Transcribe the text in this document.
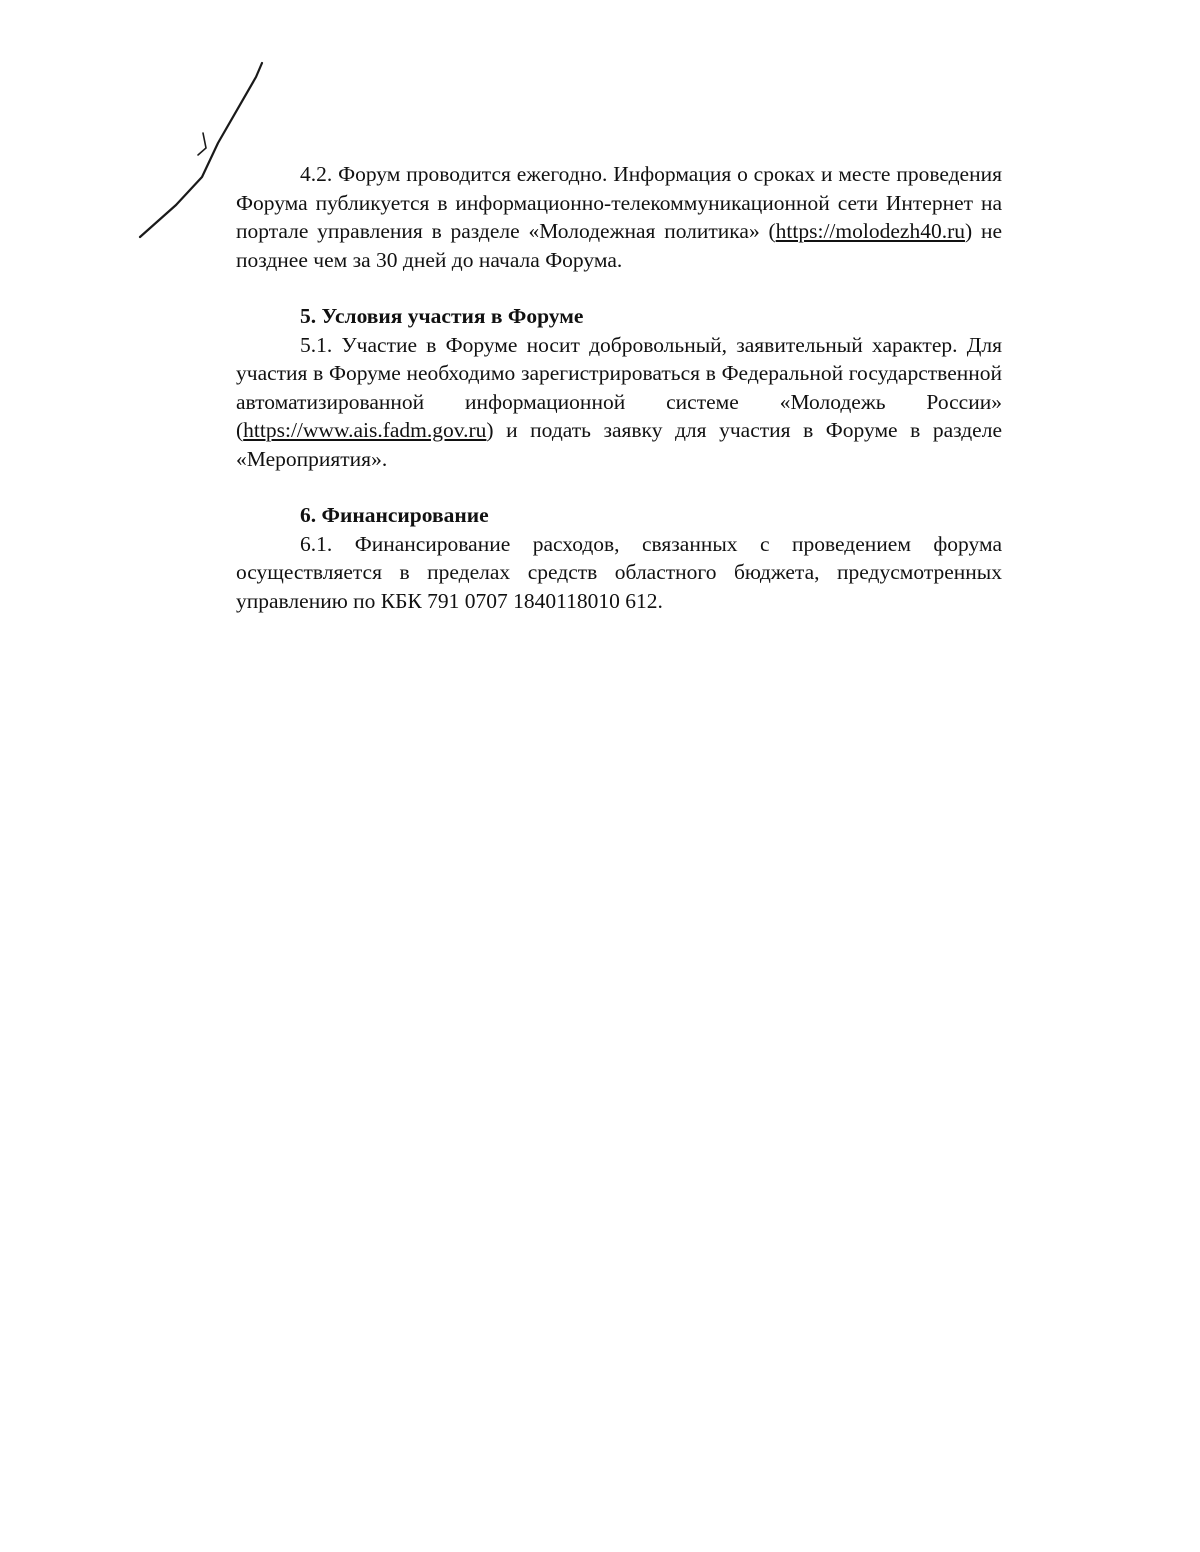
4.2. Форум проводится ежегодно. Информация о сроках и месте проведения Форума публикуется в информационно-телекоммуникационной сети Интернет на портале управления в разделе «Молодежная политика» (https://molodezh40.ru) не позднее чем за 30 дней до начала Форума.

5. Условия участия в Форуме

5.1. Участие в Форуме носит добровольный, заявительный характер. Для участия в Форуме необходимо зарегистрироваться в Федеральной государственной автоматизированной информационной системе «Молодежь России» (https://www.ais.fadm.gov.ru) и подать заявку для участия в Форуме в разделе «Мероприятия».

6. Финансирование

6.1. Финансирование расходов, связанных с проведением форума осуществляется в пределах средств областного бюджета, предусмотренных управлению по КБК 791 0707 1840118010 612.
